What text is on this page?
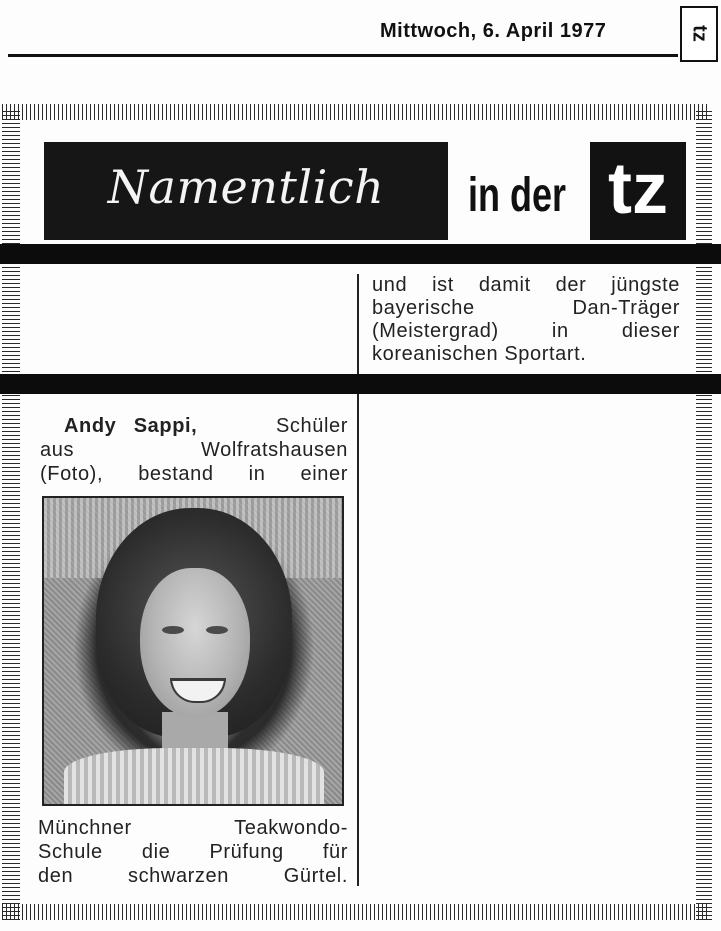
Mittwoch, 6. April 1977	tz
Namentlich	in der tz
und ist damit der jüngste
bayerische Dan-Träger
(Meistergrad) in dieser
koreanischen Sportart.
Andy Sappi,	Schüler
aus	Wolfratshausen
(Foto), bestand in einer
Münchner Teakwondo-
Schule die Prüfung für
den schwarzen Gürtel.
